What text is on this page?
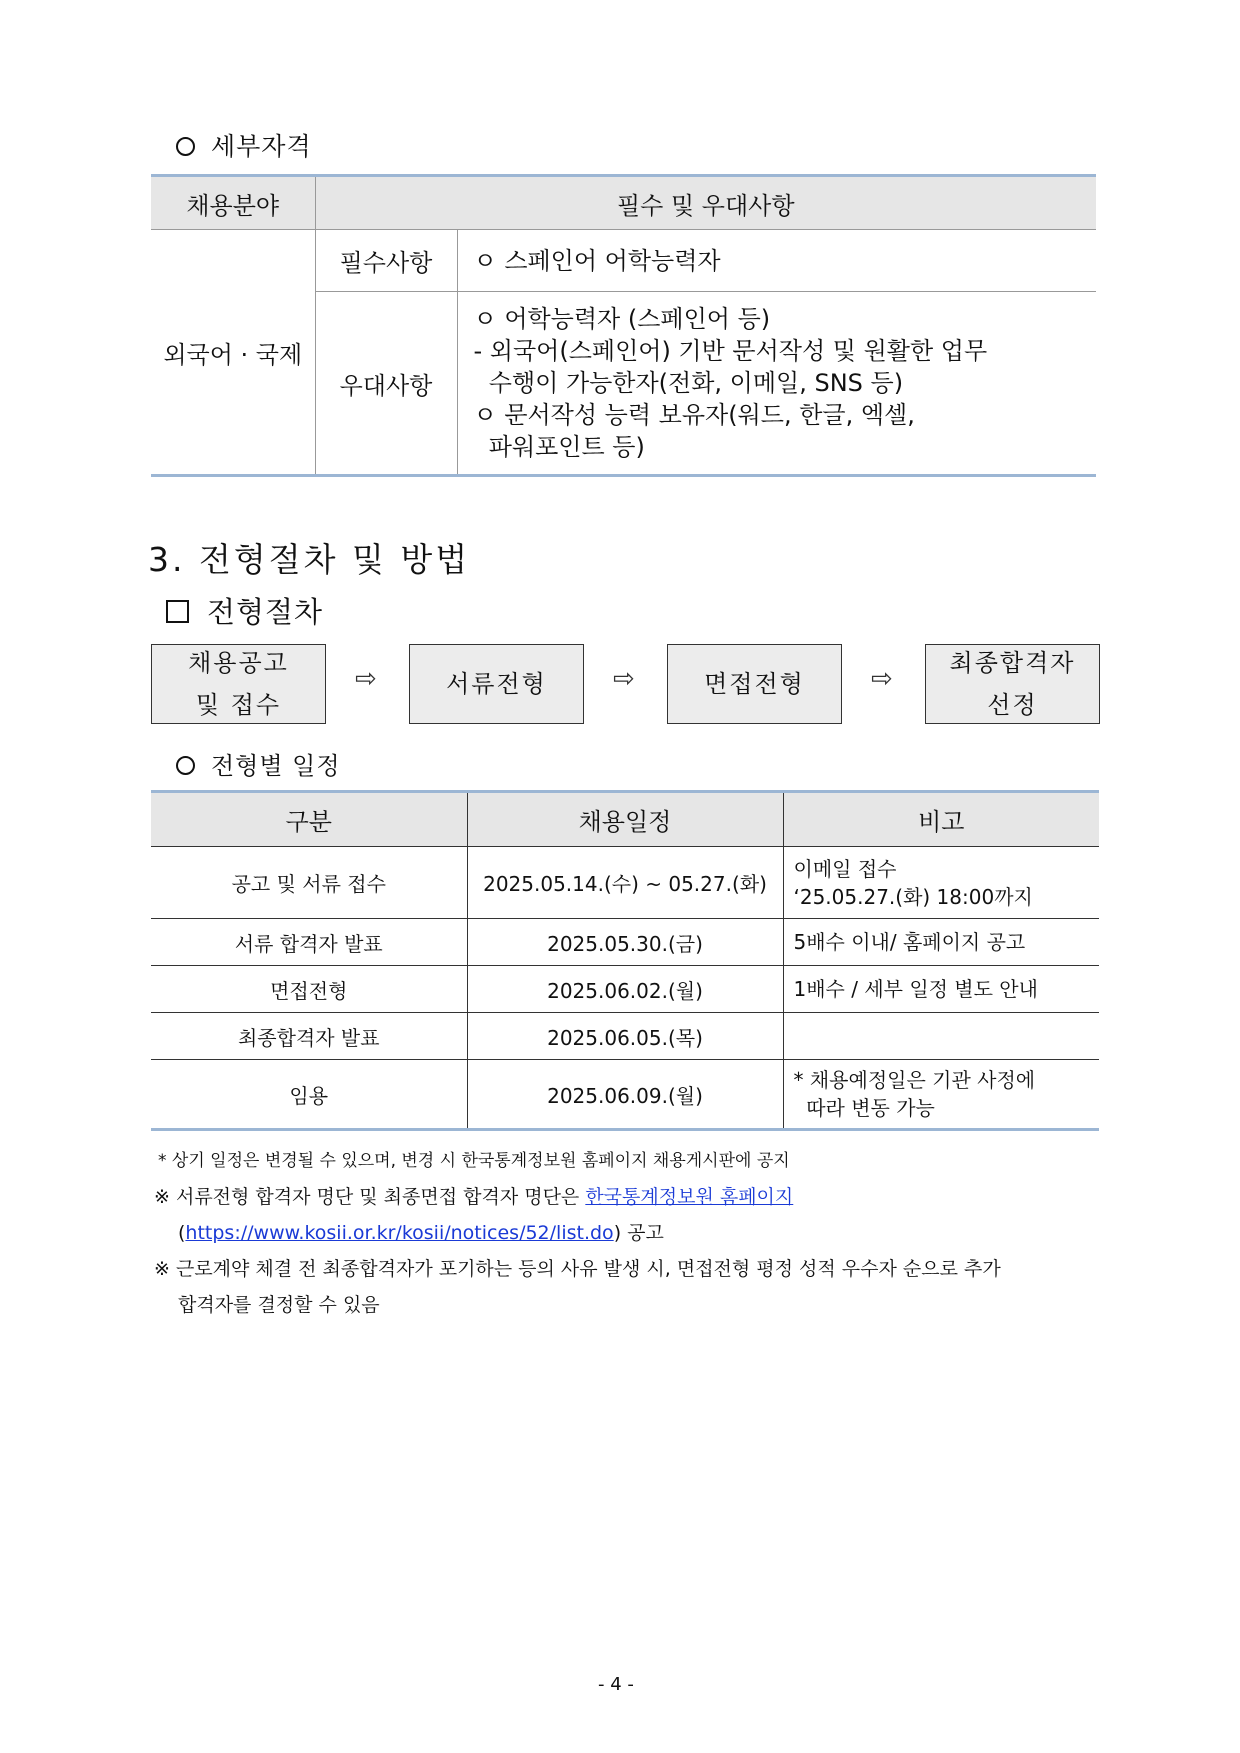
세부자격
채용분야	필수 및 우대사항	
외국어 · 국제	필수사항	ㅇ 스페인어 어학능력자
	우대사항	ㅇ 어학능력자 (스페인어 등)
- 외국어(스페인어) 기반 문서작성 및 원활한 업무
수행이 가능한자(전화, 이메일, SNS 등)
ㅇ 문서작성 능력 보유자(워드, 한글, 엑셀,
파워포인트 등)
3. 전형절차 및 방법
전형절차
채용공고
및 접수
⇨	서류전형	⇨	면접전형	⇨
최종합격자
선정
전형별 일정
구분	채용일정	비고
공고 및 서류 접수	2025.05.14.(수) ~ 05.27.(화)	이메일 접수
‘25.05.27.(화) 18:00까지

서류 합격자 발표	2025.05.30.(금)	5배수 이내/ 홈페이지 공고
면접전형	2025.06.02.(월)	1배수 / 세부 일정 별도 안내
최종합격자 발표	2025.06.05.(목)	
임용	2025.06.09.(월)	* 채용예정일은 기관 사정에
따라 변동 가능
* 상기 일정은 변경될 수 있으며, 변경 시 한국통계정보원 홈페이지 채용게시판에 공지
※ 서류전형 합격자 명단 및 최종면접 합격자 명단은 한국통계정보원 홈페이지
(https://www.kosii.or.kr/kosii/notices/52/list.do) 공고
※ 근로계약 체결 전 최종합격자가 포기하는 등의 사유 발생 시, 면접전형 평정 성적 우수자 순으로 추가
합격자를 결정할 수 있음
- 4 -
